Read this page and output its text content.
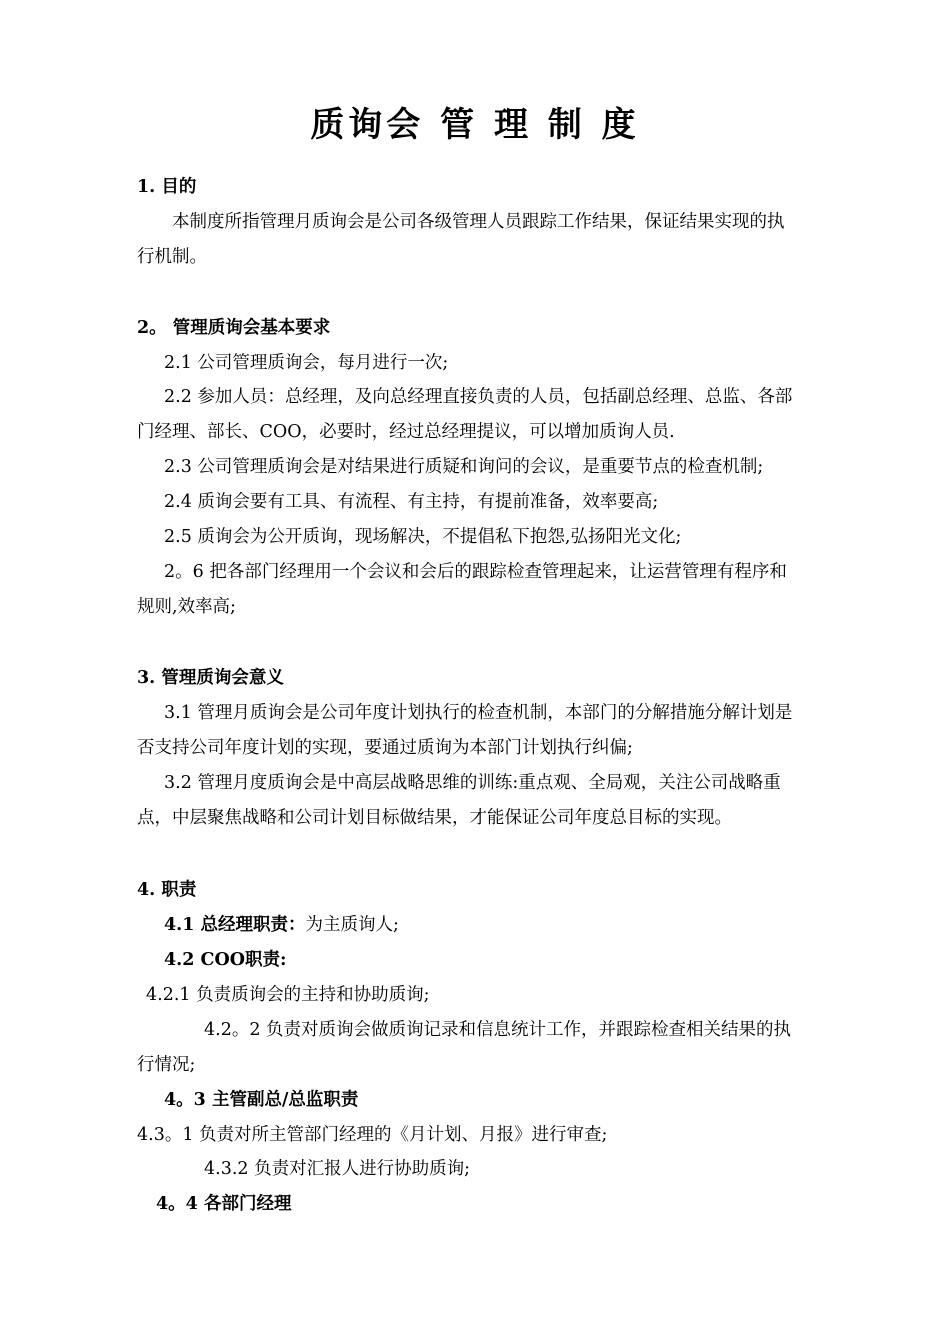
质询会 管 理 制 度
1. 目的
本制度所指管理月质询会是公司各级管理人员跟踪工作结果，保证结果实现的执
行机制。
2。 管理质询会基本要求
2.1 公司管理质询会，每月进行一次;
2.2 参加人员：总经理，及向总经理直接负责的人员，包括副总经理、总监、各部
门经理、部长、COO，必要时，经过总经理提议，可以增加质询人员.
2.3 公司管理质询会是对结果进行质疑和询问的会议，是重要节点的检查机制;
2.4 质询会要有工具、有流程、有主持，有提前准备，效率要高;
2.5 质询会为公开质询，现场解决，不提倡私下抱怨,弘扬阳光文化;
2。6 把各部门经理用一个会议和会后的跟踪检查管理起来，让运营管理有程序和
规则,效率高;
3. 管理质询会意义
3.1 管理月质询会是公司年度计划执行的检查机制，本部门的分解措施分解计划是
否支持公司年度计划的实现，要通过质询为本部门计划执行纠偏;
3.2 管理月度质询会是中高层战略思维的训练:重点观、全局观，关注公司战略重
点，中层聚焦战略和公司计划目标做结果，才能保证公司年度总目标的实现。
4. 职责
4.1 总经理职责：为主质询人;
4.2 COO职责:
4.2.1 负责质询会的主持和协助质询;
4.2。2 负责对质询会做质询记录和信息统计工作，并跟踪检查相关结果的执
行情况;
4。3 主管副总/总监职责
4.3。1 负责对所主管部门经理的《月计划、月报》进行审查;
4.3.2 负责对汇报人进行协助质询;
4。4 各部门经理
